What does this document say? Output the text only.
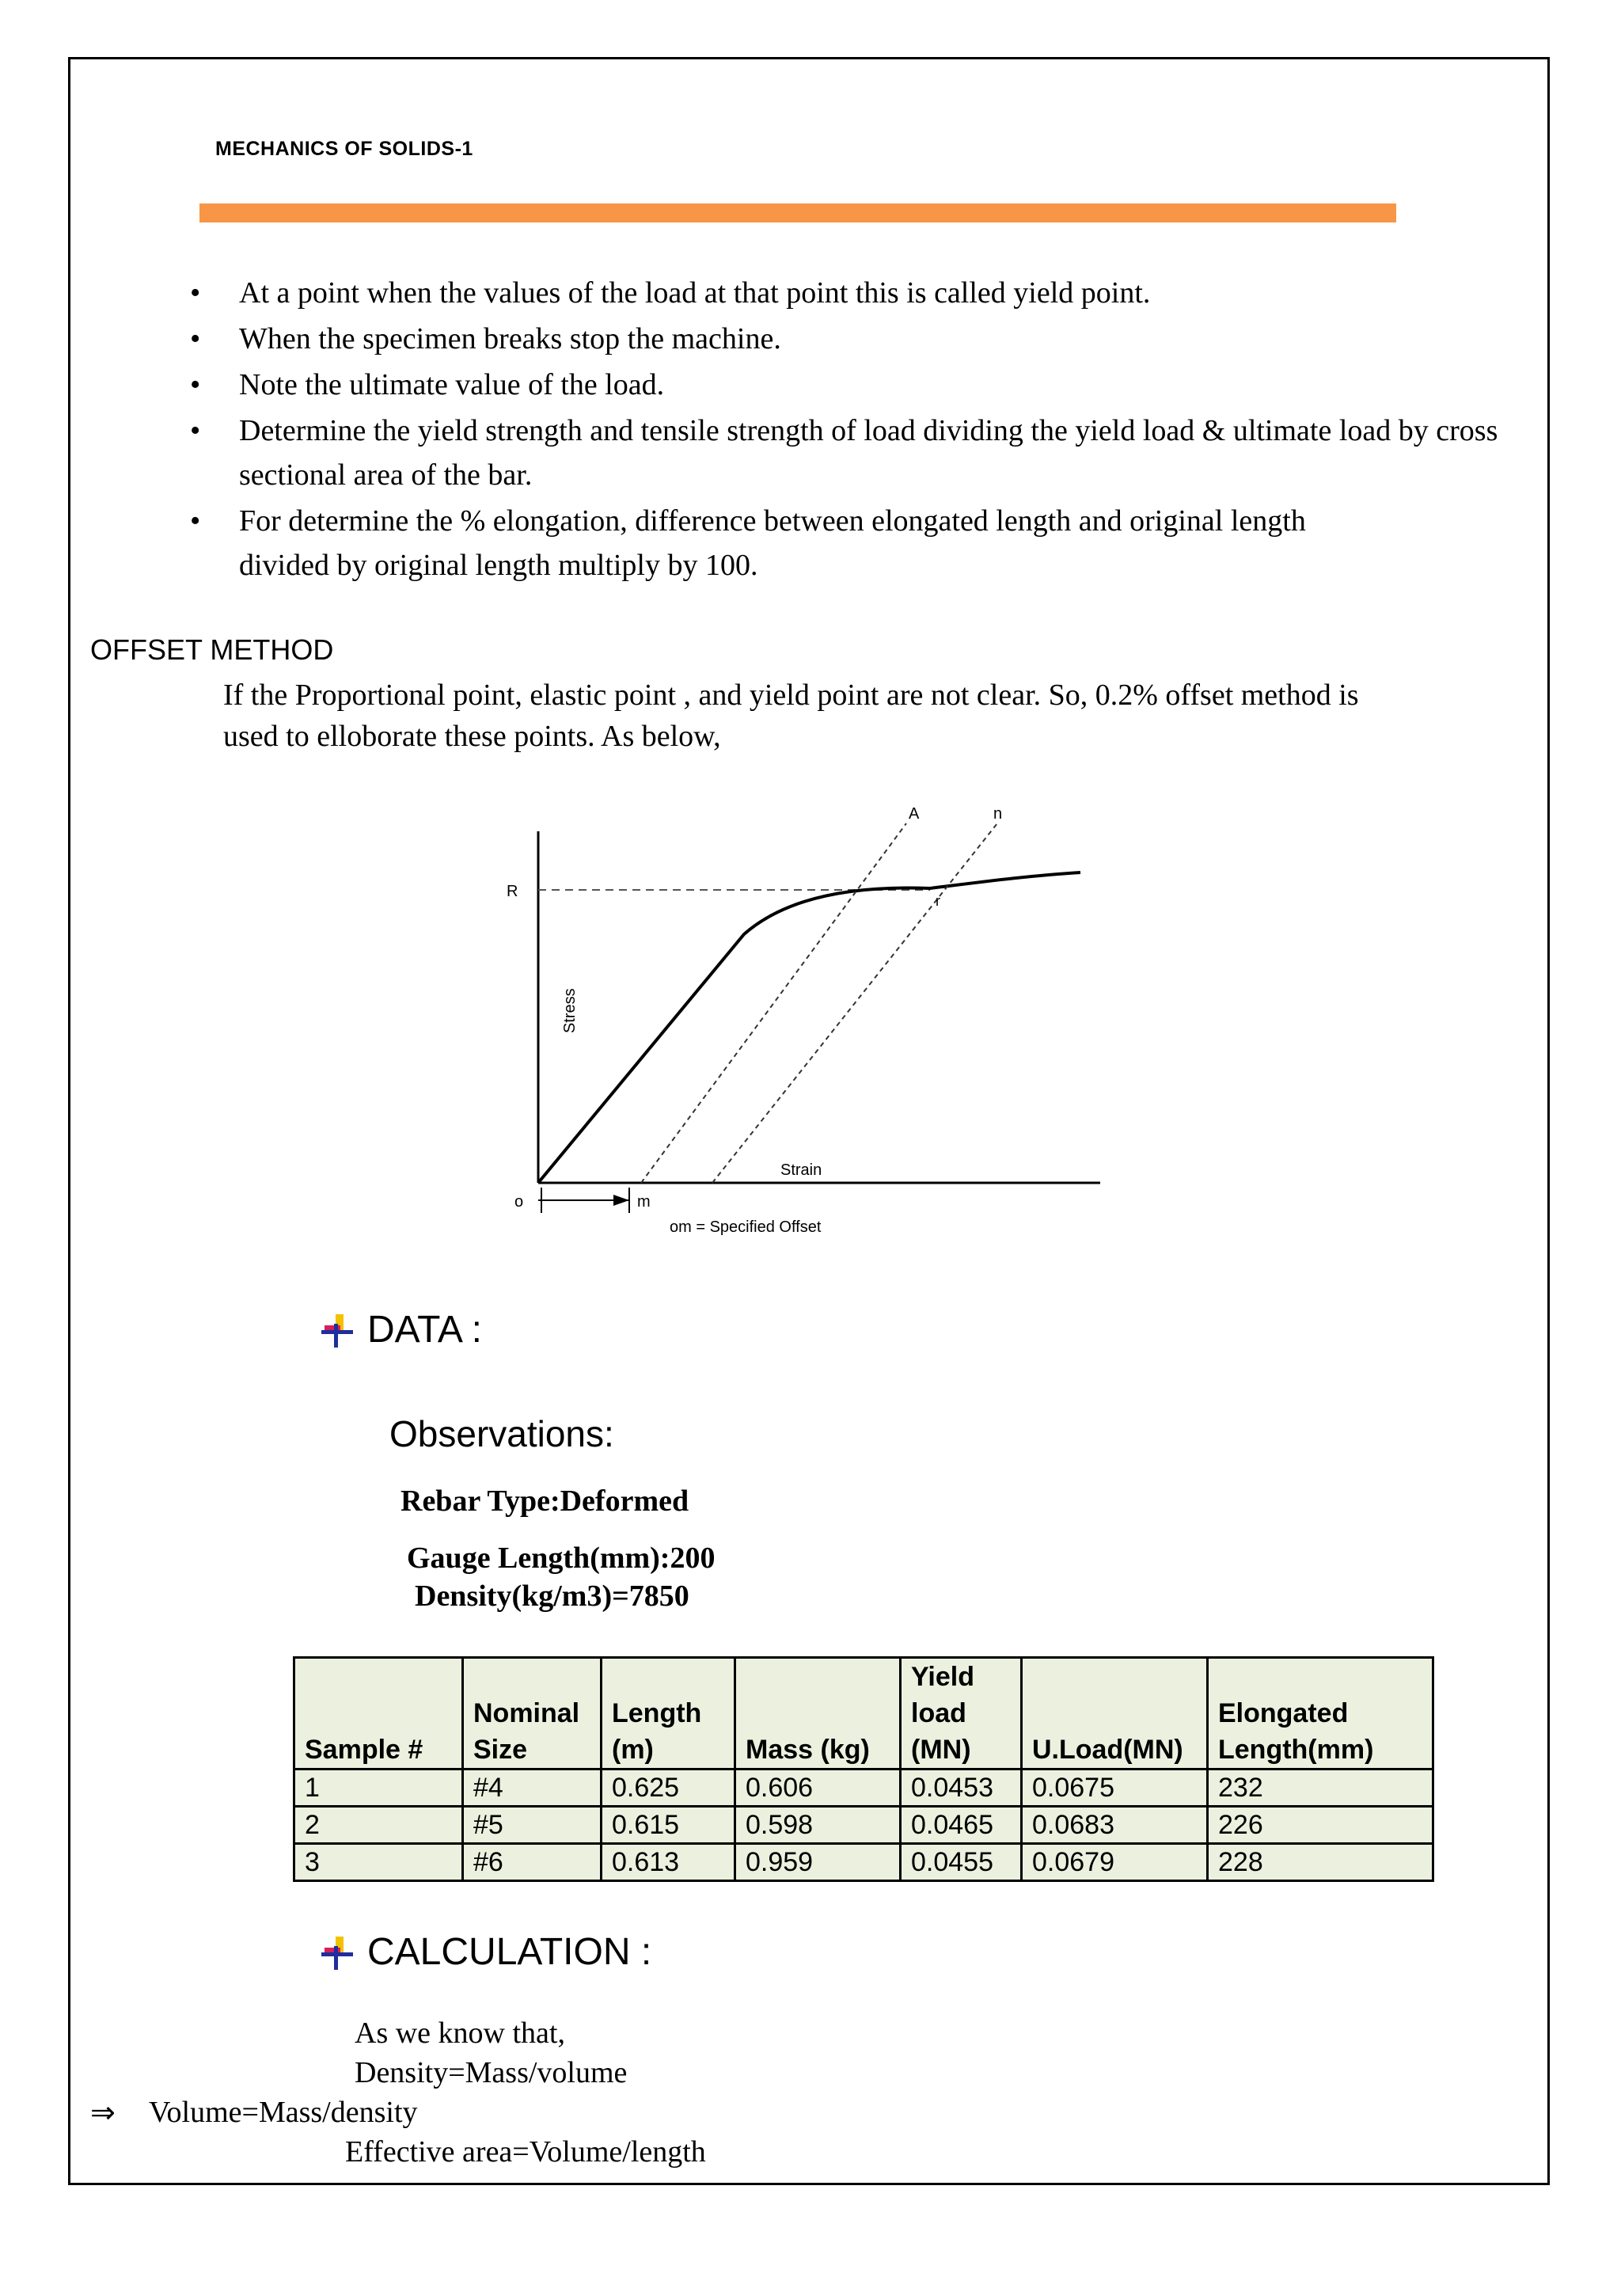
MECHANICS OF SOLIDS-1
• At a point when the values of the load at that point this is called yield point.
• When the specimen breaks stop the machine.
• Note the ultimate value of the load.
• Determine the yield strength and tensile strength of load dividing the yield load & ultimate load by cross sectional area of the bar.
• For determine the % elongation, difference between elongated length and original length divided by original length multiply by 100.
OFFSET METHOD
If the Proportional point, elastic point , and yield point are not clear. So, 0.2% offset method is used to elloborate these points. As below,
R
A	n
r
o	m
Stress
Strain
om = Specified Offset
DATA :
Observations:
Rebar Type:Deformed
Gauge Length(mm):200
Density(kg/m3)=7850
Sample #	Nominal Size	Length (m)	Mass (kg)	Yield load (MN)	U.Load(MN)	Elongated Length(mm)
1	#4	0.625	0.606	0.0453	0.0675	232
2	#5	0.615	0.598	0.0465	0.0683	226
3	#6	0.613	0.959	0.0455	0.0679	228
CALCULATION :
As we know that,
Density=Mass/volume
⇒ Volume=Mass/density
Effective area=Volume/length
